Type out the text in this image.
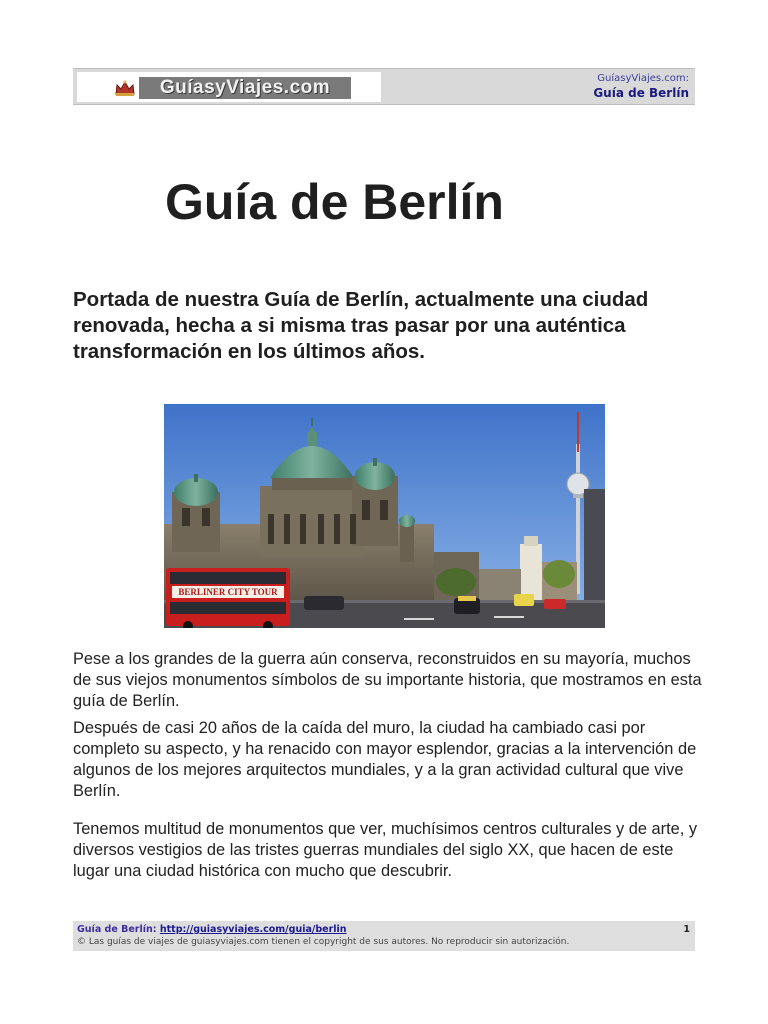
GuíasyViajes.com	GuíasyViajes.com:
Guía de Berlín
Guía de Berlín

Portada de nuestra Guía de Berlín, actualmente una ciudad renovada, hecha a si misma tras pasar por una auténtica transformación en los últimos años.

BERLINER CITY TOUR

Pese a los grandes de la guerra aún conserva, reconstruidos en su mayoría, muchos de sus viejos monumentos símbolos de su importante historia, que mostramos en esta guía de Berlín.

Después de casi 20 años de la caída del muro, la ciudad ha cambiado casi por completo su aspecto, y ha renacido con mayor esplendor, gracias a la intervención de algunos de los mejores arquitectos mundiales, y a la gran actividad cultural que vive Berlín.

Tenemos multitud de monumentos que ver, muchísimos centros culturales y de arte, y diversos vestigios de las tristes guerras mundiales del siglo XX, que hacen de este lugar una ciudad histórica con mucho que descubrir.

Guía de Berlín: http://guiasyviajes.com/guia/berlin
© Las guías de viajes de guiasyviajes.com tienen el copyright de sus autores. No reproducir sin autorización.
1
